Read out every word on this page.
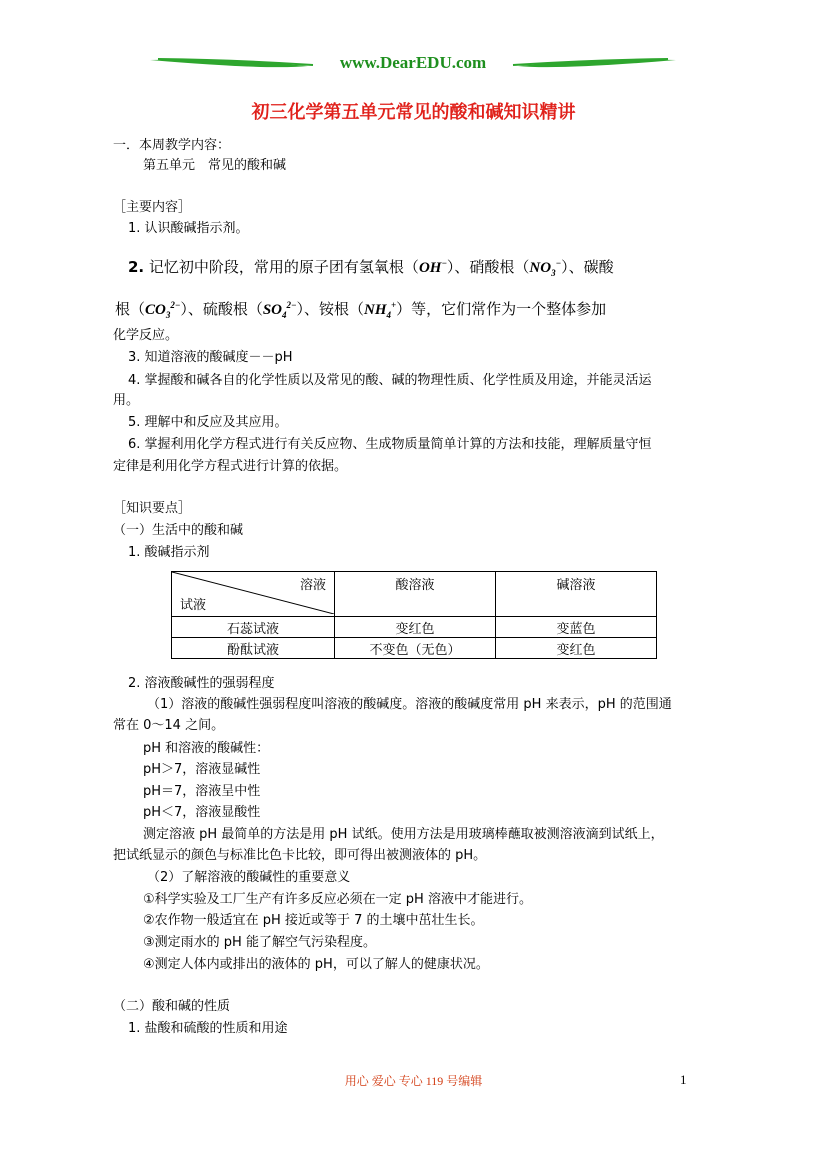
www.DearEDU.com
初三化学第五单元常见的酸和碱知识精讲
一．本周教学内容：
第五单元　常见的酸和碱
［主要内容］
1. 认识酸碱指示剂。
2. 记忆初中阶段，常用的原子团有氢氧根（OH−）、硝酸根$(NO_3^-)$、碳酸
根$(CO_3^{2-})$、硫酸根$(SO_4^{2-})$、铵根$(NH_4^+)$等，它们常作为一个整体参加
化学反应。
3. 知道溶液的酸碱度－－pH
4. 掌握酸和碱各自的化学性质以及常见的酸、碱的物理性质、化学性质及用途，并能灵活运
用。
5. 理解中和反应及其应用。
6. 掌握利用化学方程式进行有关反应物、生成物质量简单计算的方法和技能，理解质量守恒
定律是利用化学方程式进行计算的依据。
［知识要点］
（一）生活中的酸和碱
1. 酸碱指示剂
溶液
试液	酸溶液	碱溶液
石蕊试液	变红色	变蓝色
酚酞试液	不变色（无色）	变红色
2. 溶液酸碱性的强弱程度
（1）溶液的酸碱性强弱程度叫溶液的酸碱度。溶液的酸碱度常用 pH 来表示，pH 的范围通
常在 0～14 之间。
pH 和溶液的酸碱性：
pH＞7，溶液显碱性
pH＝7，溶液呈中性
pH＜7，溶液显酸性
测定溶液 pH 最简单的方法是用 pH 试纸。使用方法是用玻璃棒蘸取被测溶液滴到试纸上，
把试纸显示的颜色与标准比色卡比较，即可得出被测液体的 pH。
（2）了解溶液的酸碱性的重要意义
①科学实验及工厂生产有许多反应必须在一定 pH 溶液中才能进行。
②农作物一般适宜在 pH 接近或等于 7 的土壤中茁壮生长。
③测定雨水的 pH 能了解空气污染程度。
④测定人体内或排出的液体的 pH，可以了解人的健康状况。
（二）酸和碱的性质
1. 盐酸和硫酸的性质和用途
用心 爱心 专心 119 号编辑	1
